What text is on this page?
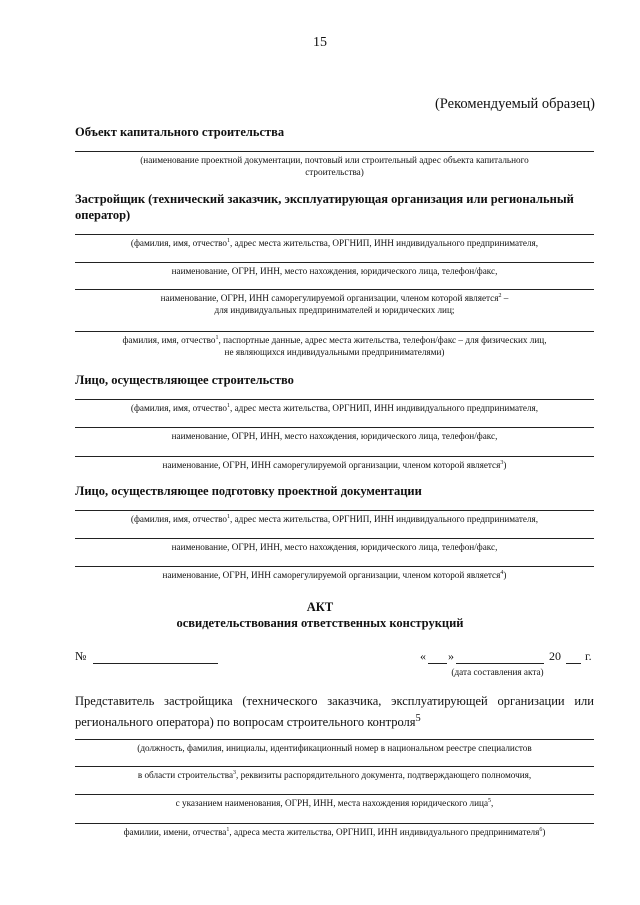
15
(Рекомендуемый образец)
Объект капитального строительства
(наименование проектной документации, почтовый или строительный адрес объекта капитального
строительства)
Застройщик (технический заказчик, эксплуатирующая организация или региональный
оператор)
(фамилия, имя, отчество$^1$, адрес места жительства, ОРГНИП, ИНН индивидуального предпринимателя,
наименование, ОГРН, ИНН, место нахождения, юридического лица, телефон/факс,
наименование, ОГРН, ИНН саморегулируемой организации, членом которой является$^2$ –
для индивидуальных предпринимателей и юридических лиц;
фамилия, имя, отчество$^1$, паспортные данные, адрес места жительства, телефон/факс – для физических лиц,
не являющихся индивидуальными предпринимателями)
Лицо, осуществляющее строительство
(фамилия, имя, отчество$^1$, адрес места жительства, ОРГНИП, ИНН индивидуального предпринимателя,
наименование, ОГРН, ИНН, место нахождения, юридического лица, телефон/факс,
наименование, ОГРН, ИНН саморегулируемой организации, членом которой является$^3$)
Лицо, осуществляющее подготовку проектной документации
(фамилия, имя, отчество$^1$, адрес места жительства, ОРГНИП, ИНН индивидуального предпринимателя,
наименование, ОГРН, ИНН, место нахождения, юридического лица, телефон/факс,
наименование, ОГРН, ИНН саморегулируемой организации, членом которой является$^4$)
АКТ
освидетельствования ответственных конструкций
№	« »	20 г.
(дата составления акта)
Представитель застройщика (технического заказчика, эксплуатирующей организации или
регионального оператора) по вопросам строительного контроля$^5$
(должность, фамилия, инициалы, идентификационный номер в национальном реестре специалистов
в области строительства$^3$, реквизиты распорядительного документа, подтверждающего полномочия,
с указанием наименования, ОГРН, ИНН, места нахождения юридического лица$^5$,
фамилии, имени, отчества$^1$, адреса места жительства, ОРГНИП, ИНН индивидуального предпринимателя$^6$)
